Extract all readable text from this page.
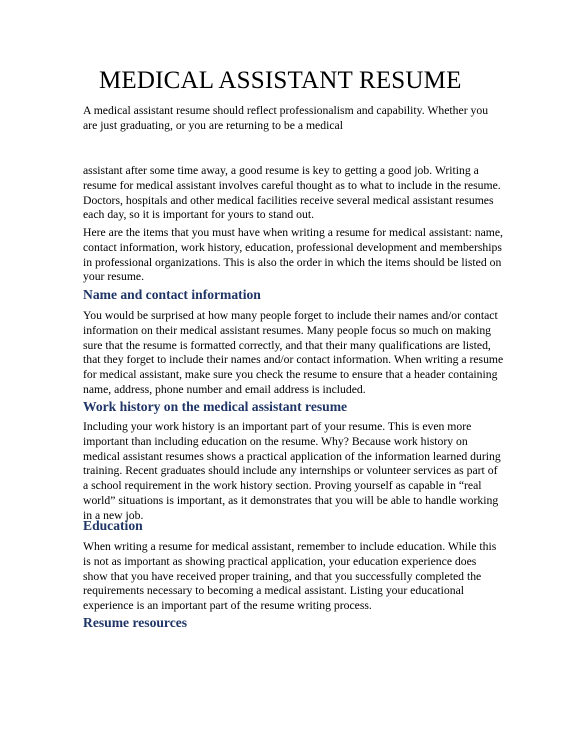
MEDICAL ASSISTANT RESUME

A medical assistant resume should reflect professionalism and capability. Whether you
are just graduating, or you are returning to be a medical

assistant after some time away, a good resume is key to getting a good job. Writing a
resume for medical assistant involves careful thought as to what to include in the resume.
Doctors, hospitals and other medical facilities receive several medical assistant resumes
each day, so it is important for yours to stand out.

Here are the items that you must have when writing a resume for medical assistant: name,
contact information, work history, education, professional development and memberships
in professional organizations. This is also the order in which the items should be listed on
your resume.

Name and contact information

You would be surprised at how many people forget to include their names and/or contact
information on their medical assistant resumes. Many people focus so much on making
sure that the resume is formatted correctly, and that their many qualifications are listed,
that they forget to include their names and/or contact information. When writing a resume
for medical assistant, make sure you check the resume to ensure that a header containing
name, address, phone number and email address is included.

Work history on the medical assistant resume

Including your work history is an important part of your resume. This is even more
important than including education on the resume. Why? Because work history on
medical assistant resumes shows a practical application of the information learned during
training. Recent graduates should include any internships or volunteer services as part of
a school requirement in the work history section. Proving yourself as capable in “real
world” situations is important, as it demonstrates that you will be able to handle working
in a new job.

Education

When writing a resume for medical assistant, remember to include education. While this
is not as important as showing practical application, your education experience does
show that you have received proper training, and that you successfully completed the
requirements necessary to becoming a medical assistant. Listing your educational
experience is an important part of the resume writing process.

Resume resources
